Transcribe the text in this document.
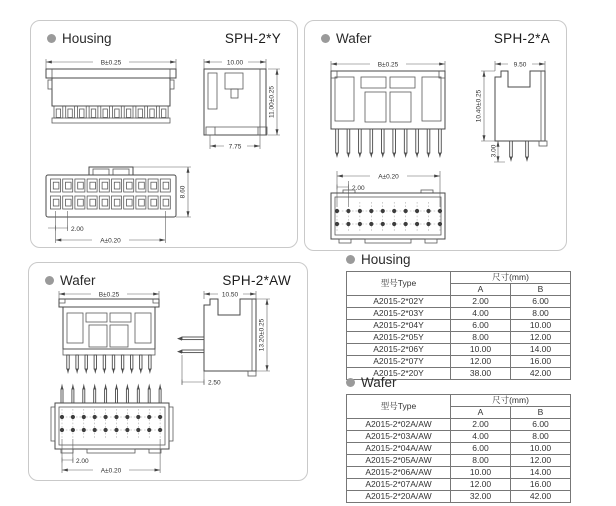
Housing	SPH-2*Y
B±0.25	10.00
11.00±0.25
7.75
8.60
2.00
A±0.20
Wafer	SPH-2*A
B±0.25	9.50
10.40±0.25
3.00
A±0.20
2.00
Wafer	SPH-2*AW
B±0.25	10.50
13.20±0.25
2.50
2.00
A±0.20
Housing
型号Type	尺寸(mm)	
	A	B
A2015-2*02Y	2.00	6.00
A2015-2*03Y	4.00	8.00
A2015-2*04Y	6.00	10.00
A2015-2*05Y	8.00	12.00
A2015-2*06Y	10.00	14.00
A2015-2*07Y	12.00	16.00
A2015-2*20Y	38.00	42.00
Wafer
型号Type	尺寸(mm)	
	A	B
A2015-2*02A/AW	2.00	6.00
A2015-2*03A/AW	4.00	8.00
A2015-2*04A/AW	6.00	10.00
A2015-2*05A/AW	8.00	12.00
A2015-2*06A/AW	10.00	14.00
A2015-2*07A/AW	12.00	16.00
A2015-2*20A/AW	32.00	42.00
